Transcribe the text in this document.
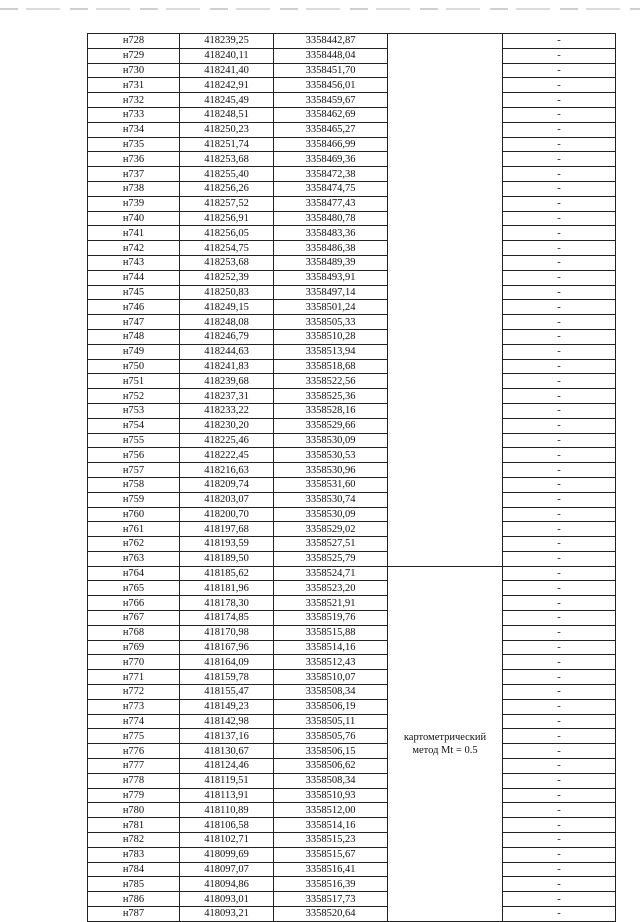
н728	418239,25	3358442,87		-
н729	418240,11	3358448,04		-
н730	418241,40	3358451,70		-
н731	418242,91	3358456,01		-
н732	418245,49	3358459,67		-
н733	418248,51	3358462,69		-
н734	418250,23	3358465,27		-
н735	418251,74	3358466,99		-
н736	418253,68	3358469,36		-
н737	418255,40	3358472,38		-
н738	418256,26	3358474,75		-
н739	418257,52	3358477,43		-
н740	418256,91	3358480,78		-
н741	418256,05	3358483,36		-
н742	418254,75	3358486,38		-
н743	418253,68	3358489,39		-
н744	418252,39	3358493,91		-
н745	418250,83	3358497,14		-
н746	418249,15	3358501,24		-
н747	418248,08	3358505,33		-
н748	418246,79	3358510,28		-
н749	418244,63	3358513,94		-
н750	418241,83	3358518,68		-
н751	418239,68	3358522,56		-
н752	418237,31	3358525,36		-
н753	418233,22	3358528,16		-
н754	418230,20	3358529,66		-
н755	418225,46	3358530,09		-
н756	418222,45	3358530,53		-
н757	418216,63	3358530,96		-
н758	418209,74	3358531,60		-
н759	418203,07	3358530,74		-
н760	418200,70	3358530,09		-
н761	418197,68	3358529,02		-
н762	418193,59	3358527,51		-
н763	418189,50	3358525,79		-
н764	418185,62	3358524,71	картометрический
метод Mt = 0.5	-
н765	418181,96	3358523,20		-
н766	418178,30	3358521,91		-
н767	418174,85	3358519,76		-
н768	418170,98	3358515,88		-
н769	418167,96	3358514,16		-
н770	418164,09	3358512,43		-
н771	418159,78	3358510,07		-
н772	418155,47	3358508,34		-
н773	418149,23	3358506,19		-
н774	418142,98	3358505,11		-
н775	418137,16	3358505,76		-
н776	418130,67	3358506,15		-
н777	418124,46	3358506,62		-
н778	418119,51	3358508,34		-
н779	418113,91	3358510,93		-
н780	418110,89	3358512,00		-
н781	418106,58	3358514,16		-
н782	418102,71	3358515,23		-
н783	418099,69	3358515,67		-
н784	418097,07	3358516,41		-
н785	418094,86	3358516,39		-
н786	418093,01	3358517,73		-
н787	418093,21	3358520,64		-
